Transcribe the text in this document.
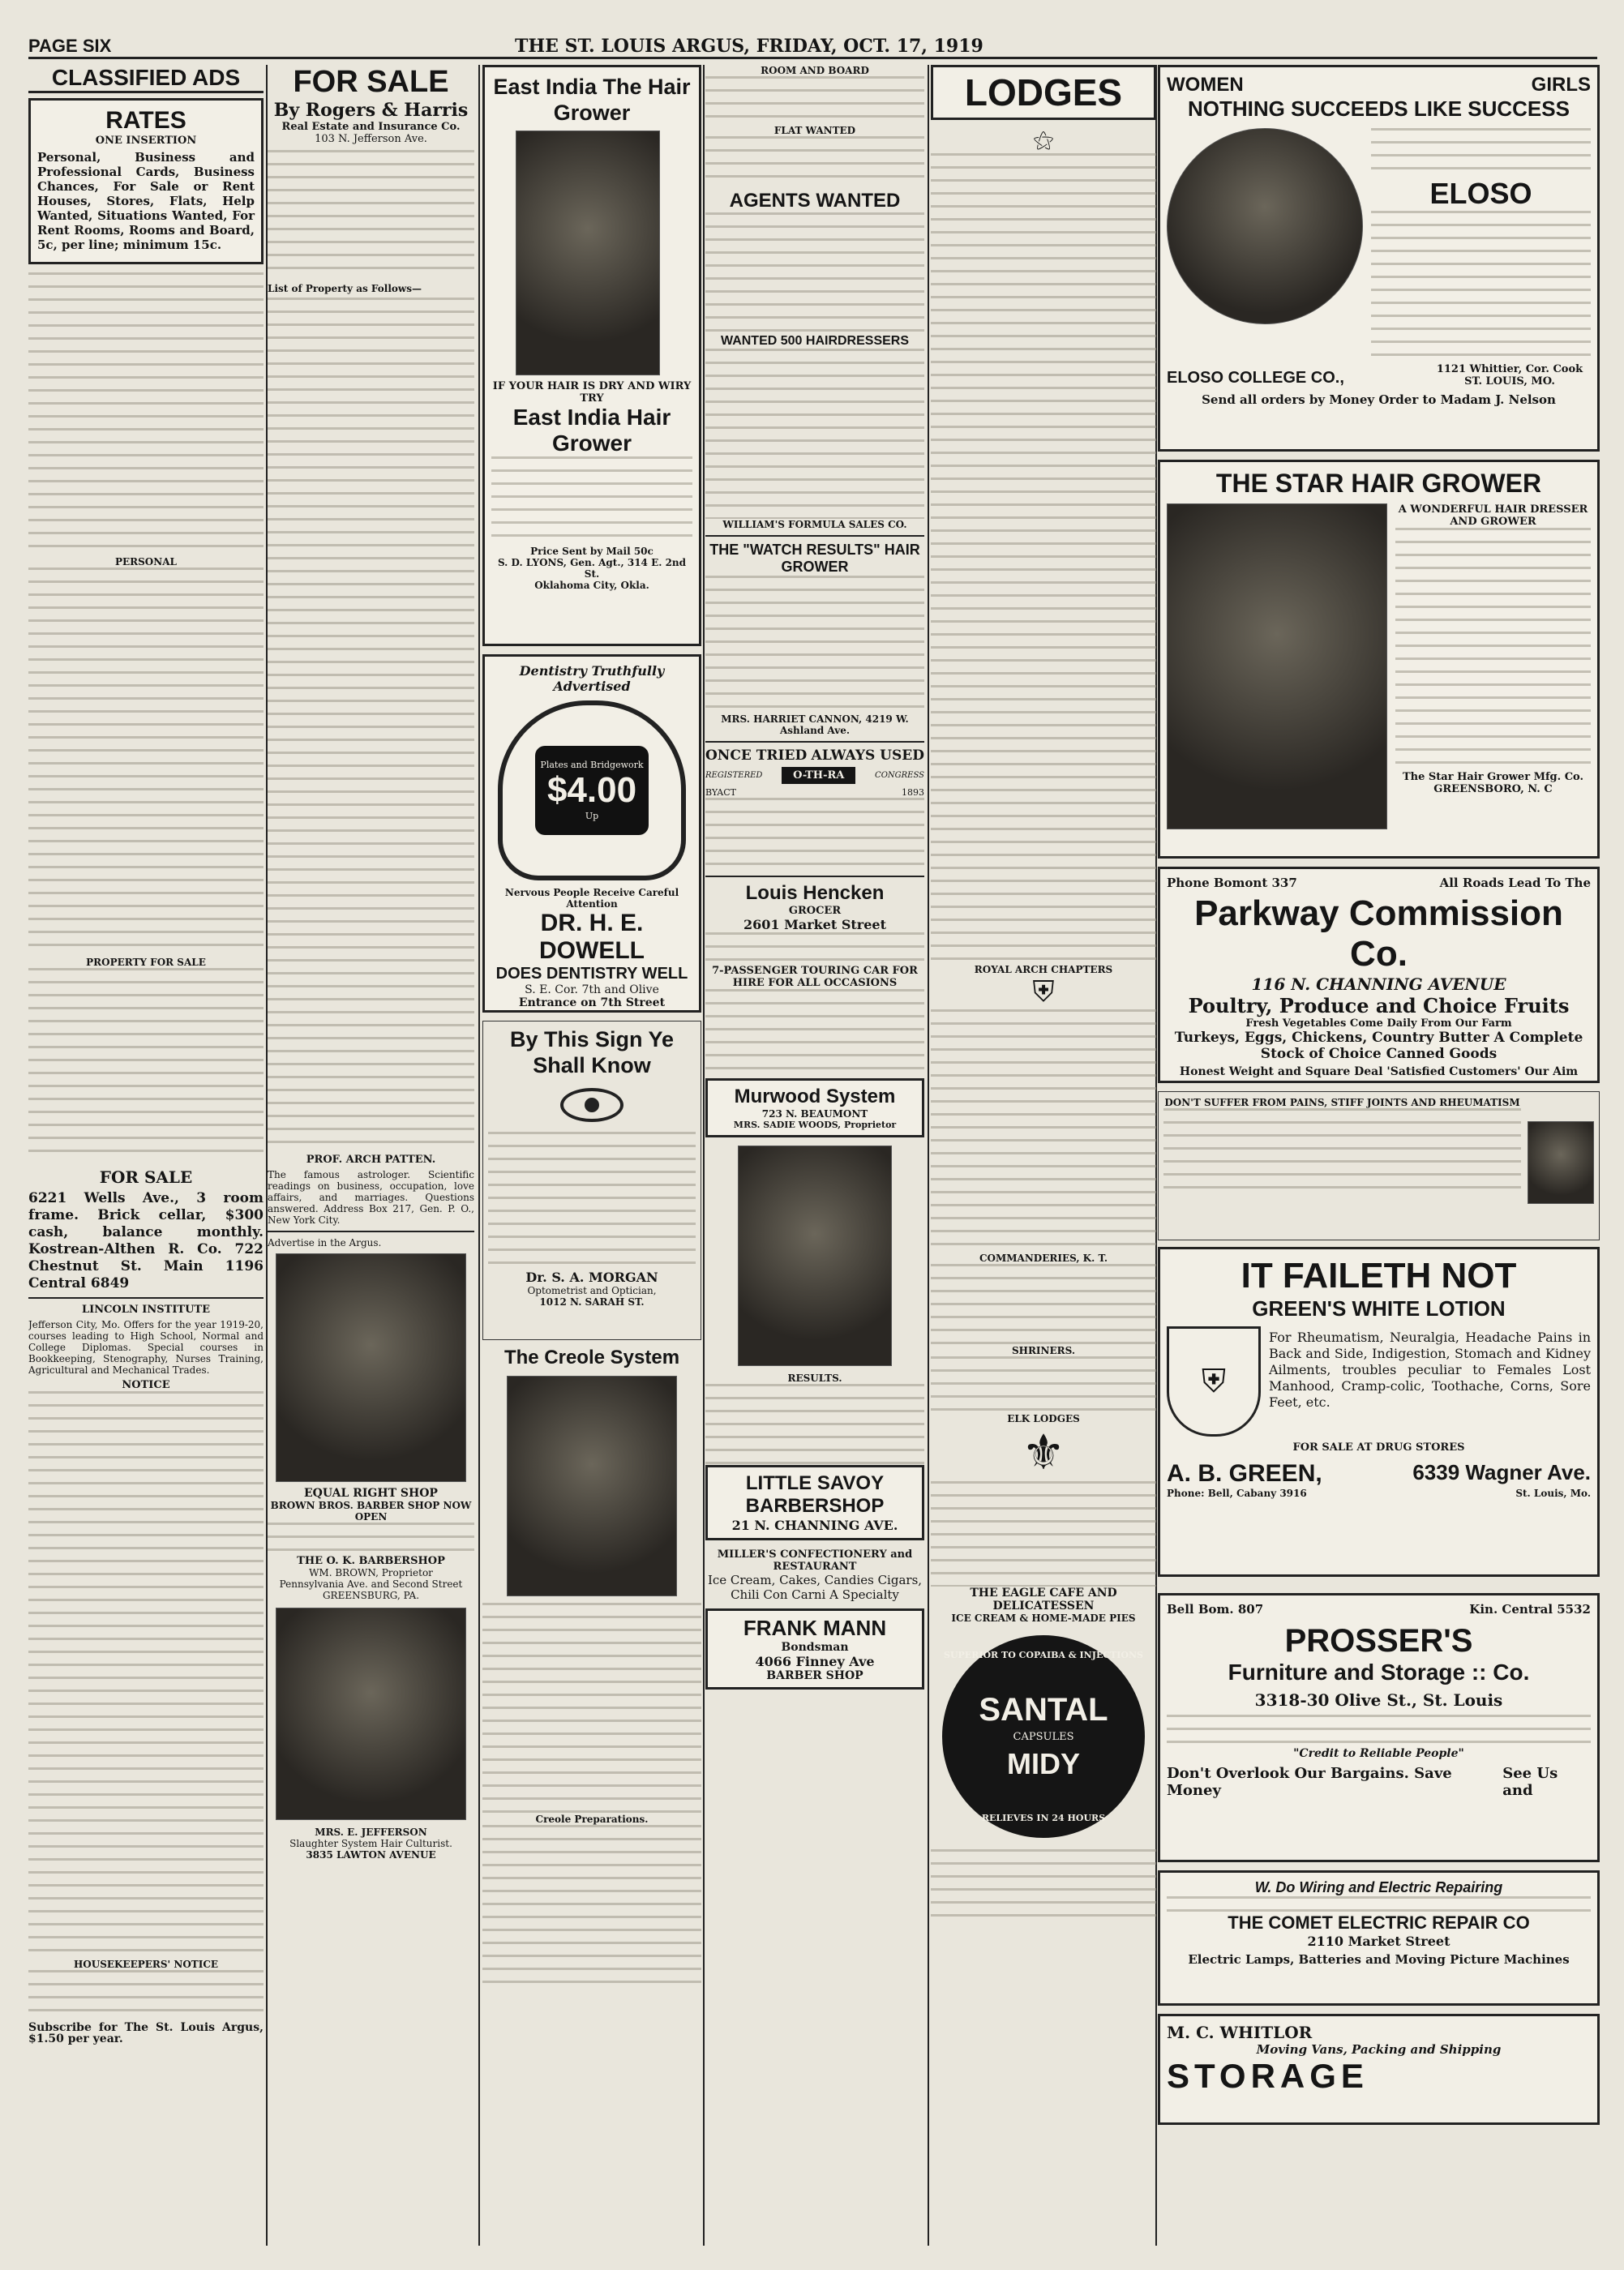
PAGE SIX	THE ST. LOUIS ARGUS, FRIDAY, OCT. 17, 1919
CLASSIFIED ADS
RATES
ONE INSERTION

Personal, Business and Professional Cards, Business Chances, For Sale or Rent Houses, Stores, Flats, Help Wanted, Situations Wanted, For Rent Rooms, Rooms and Board, 5c, per line; minimum 15c.

PERSONAL
PROPERTY FOR SALE
FOR SALE

6221 Wells Ave., 3 room frame. Brick cellar, $300 cash, balance monthly. Kostrean-Althen R. Co. 722 Chestnut St. Main 1196 Central 6849

LINCOLN INSTITUTE

Jefferson City, Mo. Offers for the year 1919-20, courses leading to High School, Normal and College Diplomas. Special courses in Bookkeeping, Stenography, Nurses Training, Agricultural and Mechanical Trades.

NOTICE
HOUSEKEEPERS' NOTICE

Subscribe for The St. Louis Argus, $1.50 per year.

FOR SALE
By Rogers & Harris
Real Estate and Insurance Co.
103 N. Jefferson Ave.

List of Property as Follows—

PROF. ARCH PATTEN.

The famous astrologer. Scientific readings on business, occupation, love affairs, and marriages. Questions answered. Address Box 217, Gen. P. O., New York City.

Advertise in the Argus.

EQUAL RIGHT SHOP
BROWN BROS. BARBER SHOP NOW OPEN
THE O. K. BARBERSHOP
WM. BROWN, Proprietor
Pennsylvania Ave. and Second Street GREENSBURG, PA.
MRS. E. JEFFERSON
Slaughter System Hair Culturist.
3835 LAWTON AVENUE
East India The Hair Grower
IF YOUR HAIR IS DRY AND WIRY TRY
East India Hair Grower
Price Sent by Mail 50c
S. D. LYONS, Gen. Agt., 314 E. 2nd St.
Oklahoma City, Okla.
Dentistry Truthfully Advertised
Plates and Bridgework
$4.00
Up
Nervous People Receive Careful Attention
DR. H. E. DOWELL
DOES DENTISTRY WELL
S. E. Cor. 7th and Olive
Entrance on 7th Street
By This Sign Ye Shall Know
Dr. S. A. MORGAN
Optometrist and Optician,
1012 N. SARAH ST.
The Creole System
Creole Preparations.
ROOM AND BOARD
FLAT WANTED
AGENTS WANTED
WANTED 500 HAIRDRESSERS
WILLIAM'S FORMULA SALES CO.
THE "WATCH RESULTS" HAIR GROWER
MRS. HARRIET CANNON, 4219 W. Ashland Ave.
ONCE TRIED ALWAYS USED
REGISTERED	O-TH-RA	CONGRESS
BYACT	1893
Louis Hencken
GROCER
2601 Market Street
7-PASSENGER TOURING CAR FOR HIRE FOR ALL OCCASIONS
Murwood System
723 N. BEAUMONT
MRS. SADIE WOODS, Proprietor
RESULTS.
LITTLE SAVOY BARBERSHOP
21 N. CHANNING AVE.
MILLER'S CONFECTIONERY and RESTAURANT
Ice Cream, Cakes, Candies Cigars, Chili Con Carni A Specialty
FRANK MANN
Bondsman
4066 Finney Ave
BARBER SHOP
LODGES
⚝
ROYAL ARCH CHAPTERS
⛨
COMMANDERIES, K. T.
SHRINERS.
ELK LODGES
⚜
THE EAGLE CAFE AND DELICATESSEN
ICE CREAM & HOME-MADE PIES
SUPERIOR TO COPAIBA & INJECTIONS
SANTAL
CAPSULES
MIDY
RELIEVES IN 24 HOURS
WOMEN	GIRLS
NOTHING SUCCEEDS LIKE SUCCESS
ELOSO
ELOSO COLLEGE CO.,	1121 Whittier, Cor. Cook ST. LOUIS, MO.
Send all orders by Money Order to Madam J. Nelson
THE STAR HAIR GROWER
A WONDERFUL HAIR DRESSER AND GROWER
The Star Hair Grower Mfg. Co.
GREENSBORO, N. C
Phone Bomont 337	All Roads Lead To The
Parkway Commission Co.
116 N. CHANNING AVENUE
Poultry, Produce and Choice Fruits
Fresh Vegetables Come Daily From Our Farm
Turkeys, Eggs, Chickens, Country Butter A Complete Stock of Choice Canned Goods
Honest Weight and Square Deal 'Satisfied Customers' Our Aim
DON'T SUFFER FROM PAINS, STIFF JOINTS AND RHEUMATISM
IT FAILETH NOT
GREEN'S WHITE LOTION
⛨

For Rheumatism, Neuralgia, Headache Pains in Back and Side, Indigestion, Stomach and Kidney Ailments, troubles peculiar to Females Lost Manhood, Cramp-colic, Toothache, Corns, Sore Feet, etc.

FOR SALE AT DRUG STORES
A. B. GREEN,	6339 Wagner Ave.
Phone: Bell, Cabany 3916	St. Louis, Mo.
Bell Bom. 807	Kin. Central 5532
PROSSER'S
Furniture and Storage :: Co.
3318-30 Olive St., St. Louis
"Credit to Reliable People"
Don't Overlook Our Bargains. Save Money
See Us and
W. Do Wiring and Electric Repairing
THE COMET ELECTRIC REPAIR CO
2110 Market Street
Electric Lamps, Batteries and Moving Picture Machines
M. C. WHITLOR
Moving Vans, Packing and Shipping
STORAGE
